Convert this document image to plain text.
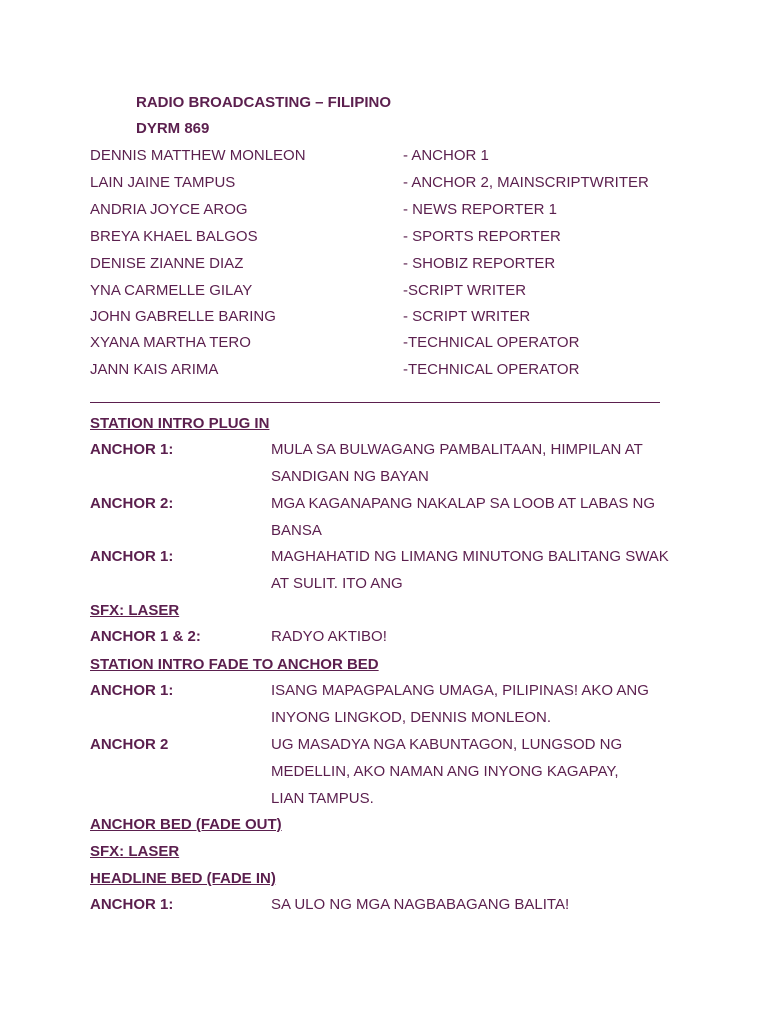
RADIO BROADCASTING – FILIPINO
DYRM 869
DENNIS MATTHEW MONLEON	- ANCHOR 1
LAIN JAINE TAMPUS	- ANCHOR 2, MAINSCRIPTWRITER
ANDRIA JOYCE AROG	- NEWS REPORTER 1
BREYA KHAEL BALGOS	- SPORTS REPORTER
DENISE ZIANNE DIAZ	- SHOBIZ REPORTER
YNA CARMELLE GILAY	-SCRIPT WRITER
JOHN GABRELLE BARING	- SCRIPT WRITER
XYANA MARTHA TERO	-TECHNICAL OPERATOR
JANN KAIS ARIMA	-TECHNICAL OPERATOR
STATION INTRO PLUG IN
ANCHOR 1:	MULA SA BULWAGANG PAMBALITAAN, HIMPILAN AT
SANDIGAN NG BAYAN
ANCHOR 2:	MGA KAGANAPANG NAKALAP SA LOOB AT LABAS NG
BANSA
ANCHOR 1:	MAGHAHATID NG LIMANG MINUTONG BALITANG SWAK
AT SULIT. ITO ANG
SFX: LASER
ANCHOR 1 & 2:	RADYO AKTIBO!
STATION INTRO FADE TO ANCHOR BED
ANCHOR 1:	ISANG MAPAGPALANG UMAGA, PILIPINAS! AKO ANG
INYONG LINGKOD, DENNIS MONLEON.
ANCHOR 2	UG MASADYA NGA KABUNTAGON, LUNGSOD NG
MEDELLIN, AKO NAMAN ANG INYONG KAGAPAY,
LIAN TAMPUS.
ANCHOR BED (FADE OUT)
SFX: LASER
HEADLINE BED (FADE IN)
ANCHOR 1:	SA ULO NG MGA NAGBABAGANG BALITA!
